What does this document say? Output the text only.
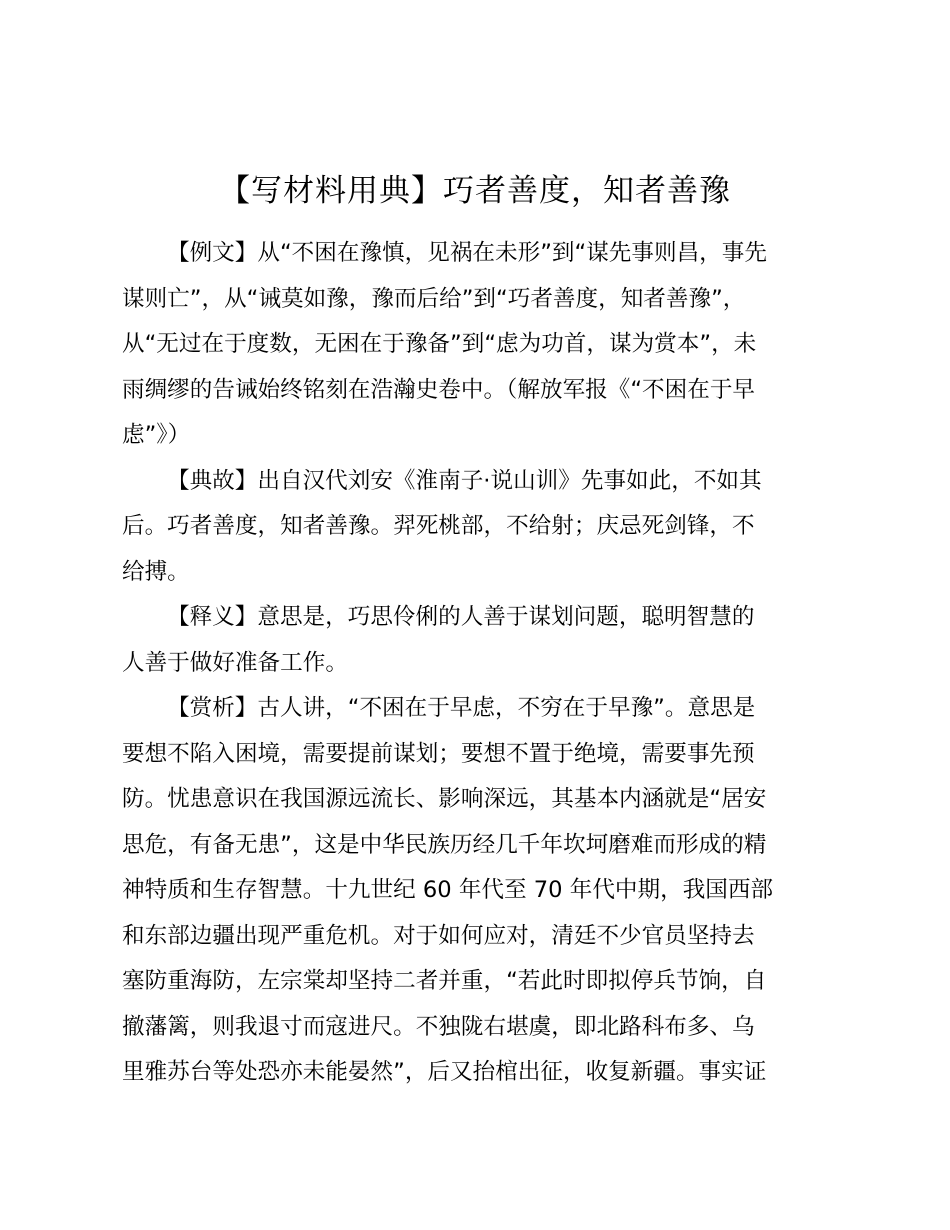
【写材料用典】巧者善度，知者善豫

【例文】从“不困在豫慎，见祸在未形”到“谋先事则昌，事先
谋则亡”，从“诫莫如豫，豫而后给”到“巧者善度，知者善豫”，
从“无过在于度数，无困在于豫备”到“虑为功首，谋为赏本”，未
雨绸缪的告诫始终铭刻在浩瀚史卷中。（解放军报《“不困在于早
虑”》）

【典故】出自汉代刘安《淮南子·说山训》先事如此，不如其
后。巧者善度，知者善豫。羿死桃部，不给射；庆忌死剑锋，不
给搏。

【释义】意思是，巧思伶俐的人善于谋划问题，聪明智慧的
人善于做好准备工作。

【赏析】古人讲，“不困在于早虑，不穷在于早豫”。意思是
要想不陷入困境，需要提前谋划；要想不置于绝境，需要事先预
防。忧患意识在我国源远流长、影响深远，其基本内涵就是“居安
思危，有备无患”，这是中华民族历经几千年坎坷磨难而形成的精
神特质和生存智慧。十九世纪 60 年代至 70 年代中期，我国西部
和东部边疆出现严重危机。对于如何应对，清廷不少官员坚持去
塞防重海防，左宗棠却坚持二者并重，“若此时即拟停兵节饷，自
撤藩篱，则我退寸而寇进尺。不独陇右堪虞，即北路科布多、乌
里雅苏台等处恐亦未能晏然”，后又抬棺出征，收复新疆。事实证
